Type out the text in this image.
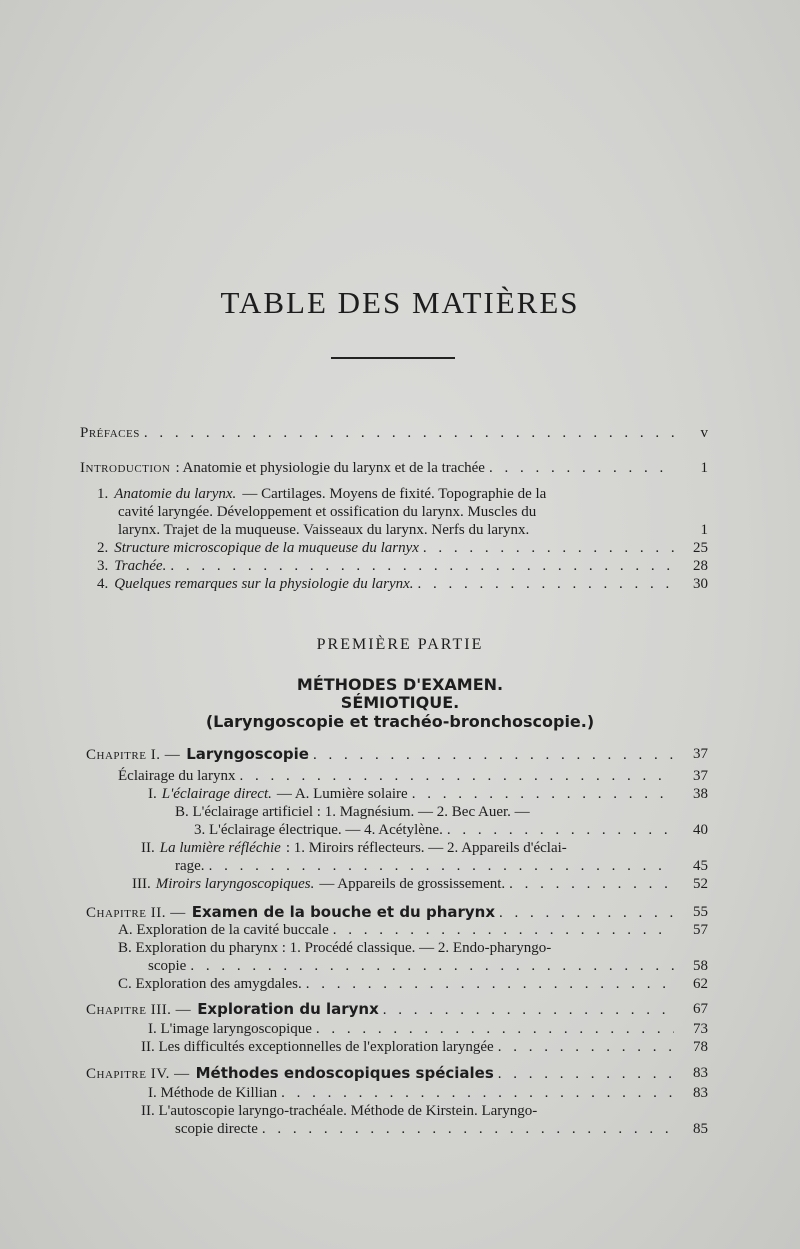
TABLE DES MATIÈRES
Préfaces . . .	v
Introduction : Anatomie et physiologie du larynx et de la trachée . . .	1
1. Anatomie du larynx. — Cartilages. Moyens de fixité. Topographie de la
cavité laryngée. Développement et ossification du larynx. Muscles du
larynx. Trajet de la muqueuse. Vaisseaux du larynx. Nerfs du larynx.	1
2. Structure microscopique de la muqueuse du larnyx . . .	25
3. Trachée. . . .	28
4. Quelques remarques sur la physiologie du larynx. . . .	30
PREMIÈRE PARTIE
MÉTHODES D'EXAMEN.
SÉMIOTIQUE.
(Laryngoscopie et trachéo-bronchoscopie.)
Chapitre I. — Laryngoscopie . . .	37
Éclairage du larynx . . .	37
I. L'éclairage direct. — A. Lumière solaire . . .	38
B. L'éclairage artificiel : 1. Magnésium. — 2. Bec Auer. —
3. L'éclairage électrique. — 4. Acétylène. . . .	40
II. La lumière réfléchie : 1. Miroirs réflecteurs. — 2. Appareils d'éclai-
rage. . . .	45
III. Miroirs laryngoscopiques. — Appareils de grossissement. . . .	52
Chapitre II. — Examen de la bouche et du pharynx . . .	55
A. Exploration de la cavité buccale . . .	57
B. Exploration du pharynx : 1. Procédé classique. — 2. Endo-pharyngo-
scopie . . .	58
C. Exploration des amygdales. . . .	62
Chapitre III. — Exploration du larynx . . .	67
I. L'image laryngoscopique . . .	73
II. Les difficultés exceptionnelles de l'exploration laryngée . . .	78
Chapitre IV. — Méthodes endoscopiques spéciales . . .	83
I. Méthode de Killian . . .	83
II. L'autoscopie laryngo-trachéale. Méthode de Kirstein. Laryngo-
scopie directe . . .	85
